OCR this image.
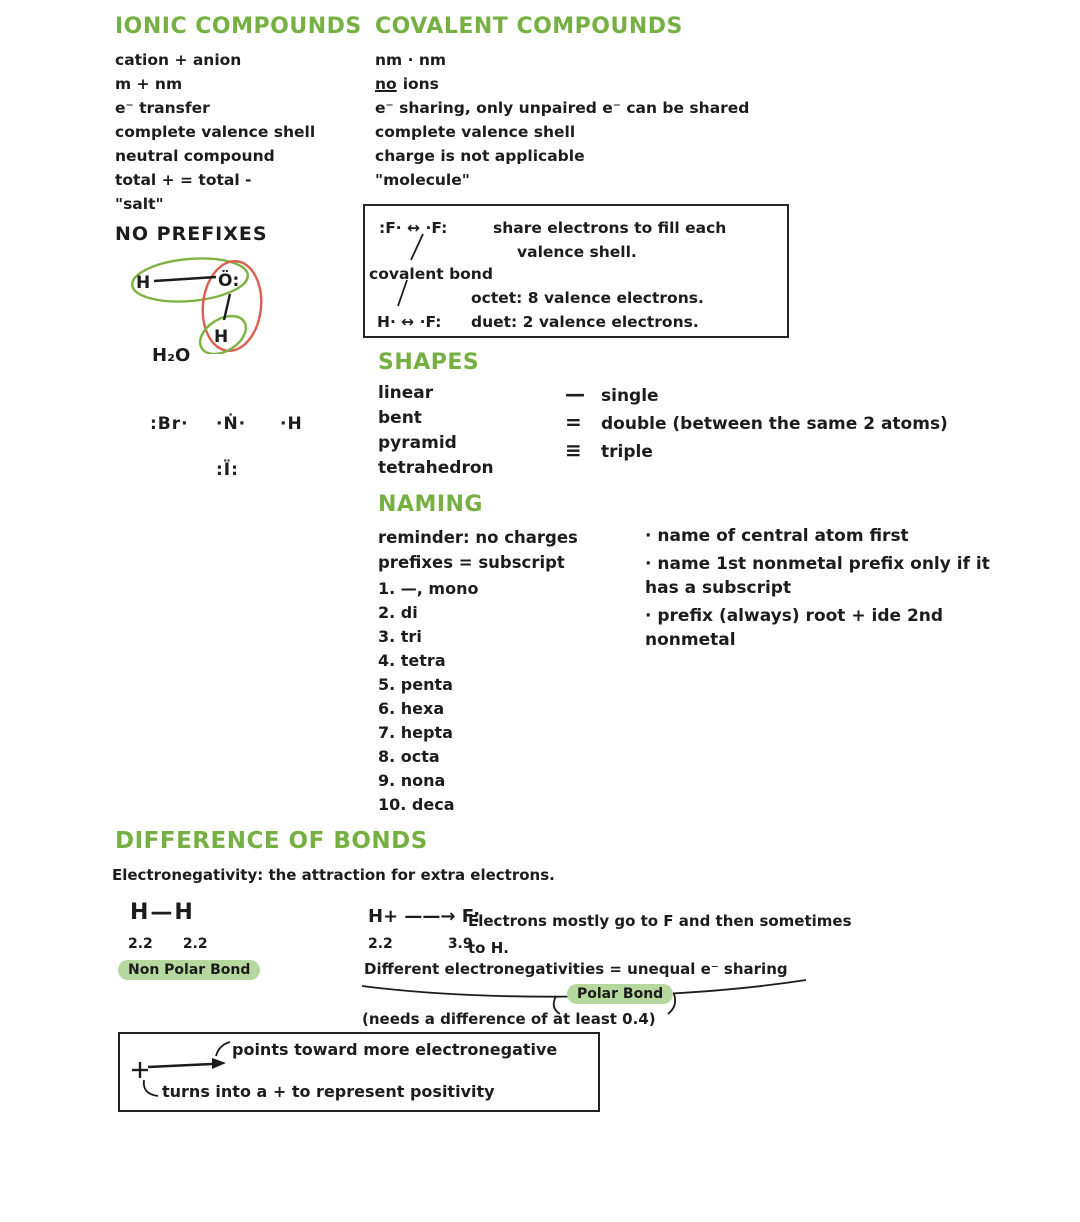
IONIC COMPOUNDS
cation + anion
m + nm
e⁻ transfer
complete valence shell
neutral compound
total + = total -
"salt"
NO PREFIXES
H	Ö:
H
H₂O
:Br· ·Ṅ· ·H
:Ï:
COVALENT COMPOUNDS
nm · nm
no ions
e⁻ sharing, only unpaired e⁻ can be shared
complete valence shell
charge is not applicable
"molecule"
:F· ↔ ·F:	share electrons to fill each
valence shell.
covalent bond
octet: 8 valence electrons.
H· ↔ ·F: duet: 2 valence electrons.
SHAPES
linear
bent
pyramid
tetrahedron
— single
= double (between the same 2 atoms)
≡ triple
NAMING
reminder: no charges
prefixes = subscript
1. —, mono
2. di
3. tri
4. tetra
5. penta
6. hexa
7. hepta
8. octa
9. nona
10. deca
· name of central atom first
· name 1st nonmetal prefix only if it has a subscript
· prefix (always) root + ide 2nd nonmetal
DIFFERENCE OF BONDS
Electronegativity: the attraction for extra electrons.
H—H
2.2 2.2
Non Polar Bond
H+ ——→ F:
2.2	3.9
Electrons mostly go to F and then sometimes
to H.
Different electronegativities = unequal e⁻ sharing
Polar Bond
(needs a difference of at least 0.4)
points toward more electronegative
turns into a + to represent positivity
